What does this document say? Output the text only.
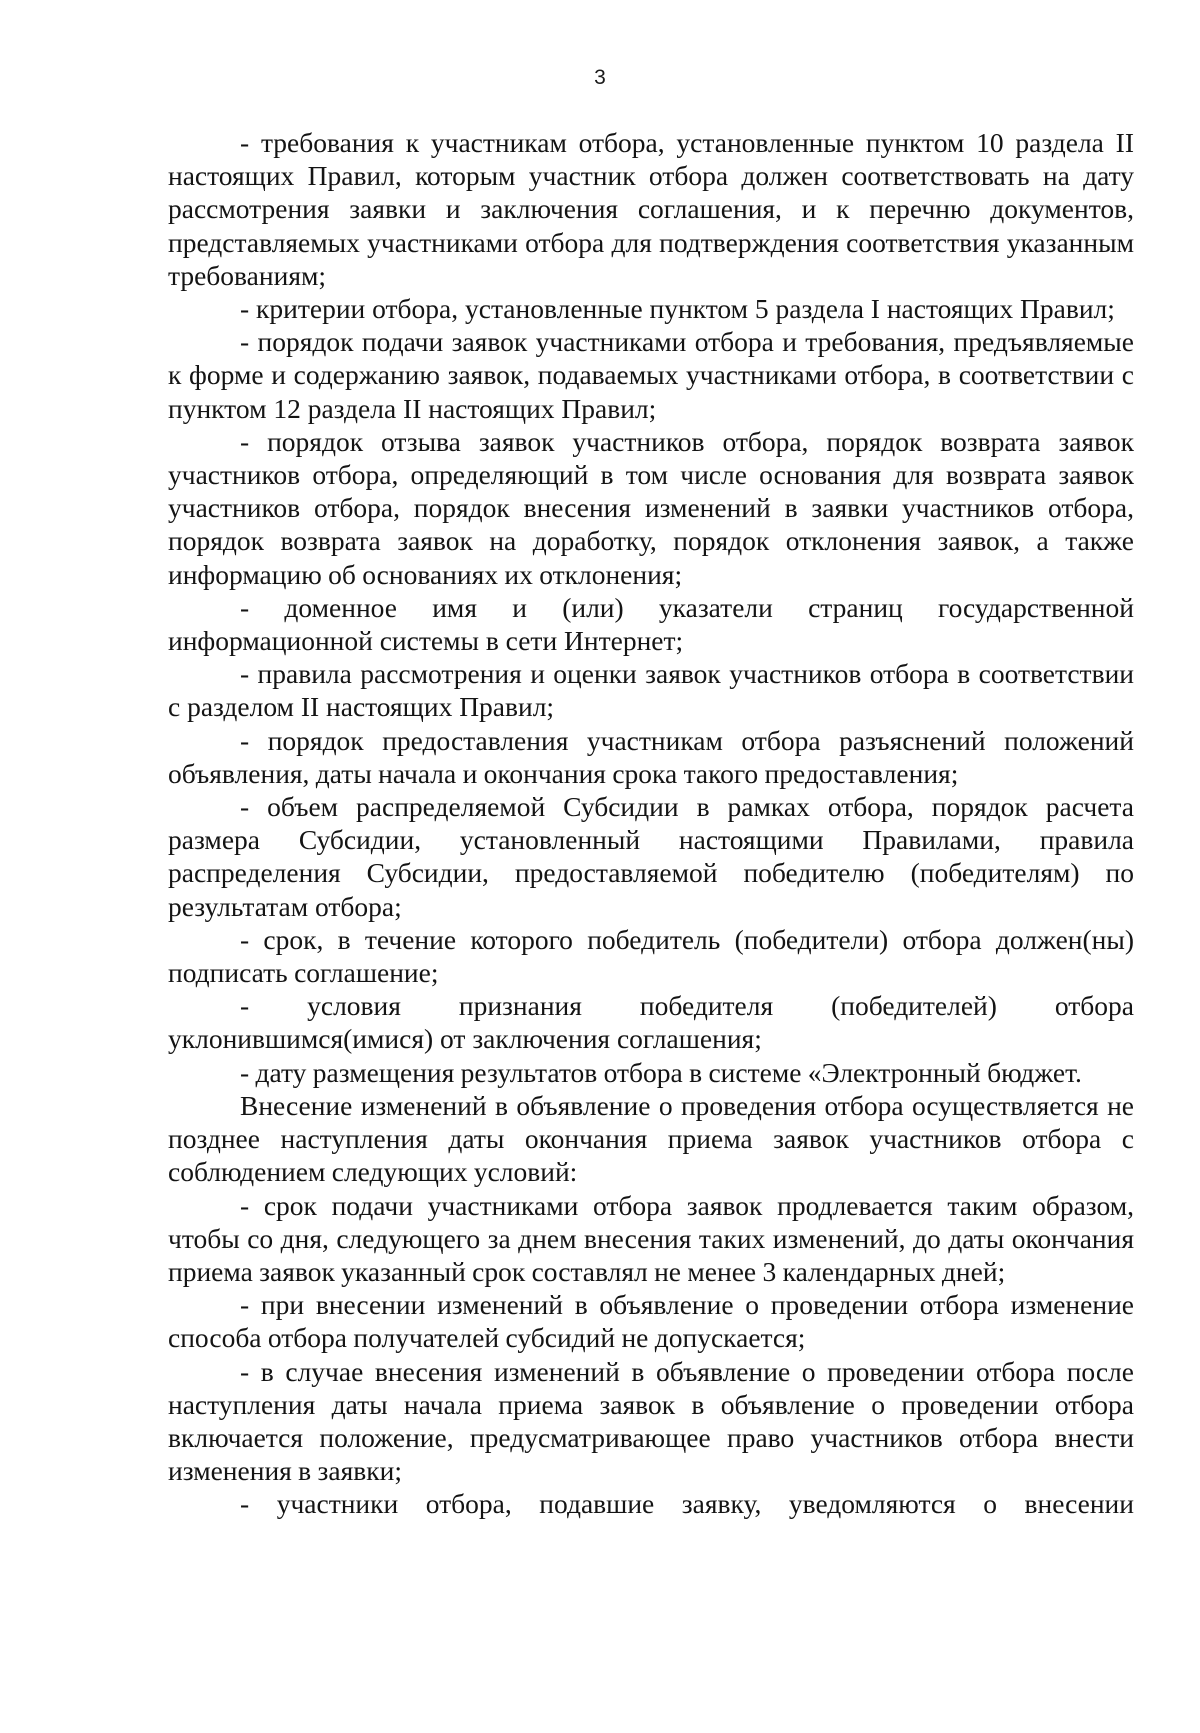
3

- требования к участникам отбора, установленные пунктом 10 раздела II настоящих Правил, которым участник отбора должен соответствовать на дату рассмотрения заявки и заключения соглашения, и к перечню документов, представляемых участниками отбора для подтверждения соответствия указанным требованиям;

- критерии отбора, установленные пунктом 5 раздела I настоящих Правил;

- порядок подачи заявок участниками отбора и требования, предъявляемые к форме и содержанию заявок, подаваемых участниками отбора, в соответствии с пунктом 12 раздела II настоящих Правил;

- порядок отзыва заявок участников отбора, порядок возврата заявок участников отбора, определяющий в том числе основания для возврата заявок участников отбора, порядок внесения изменений в заявки участников отбора, порядок возврата заявок на доработку, порядок отклонения заявок, а также информацию об основаниях их отклонения;

- доменное имя и (или) указатели страниц государственной информационной системы в сети Интернет;

- правила рассмотрения и оценки заявок участников отбора в соответствии с разделом II настоящих Правил;

- порядок предоставления участникам отбора разъяснений положений объявления, даты начала и окончания срока такого предоставления;

- объем распределяемой Субсидии в рамках отбора, порядок расчета размера Субсидии, установленный настоящими Правилами, правила распределения Субсидии, предоставляемой победителю (победителям) по результатам отбора;

- срок, в течение которого победитель (победители) отбора должен(ны) подписать соглашение;

- условия признания победителя (победителей) отбора уклонившимся(имися) от заключения соглашения;

- дату размещения результатов отбора в системе «Электронный бюджет.

Внесение изменений в объявление о проведения отбора осуществляется не позднее наступления даты окончания приема заявок участников отбора с соблюдением следующих условий:

- срок подачи участниками отбора заявок продлевается таким образом, чтобы со дня, следующего за днем внесения таких изменений, до даты окончания приема заявок указанный срок составлял не менее 3 календарных дней;

- при внесении изменений в объявление о проведении отбора изменение способа отбора получателей субсидий не допускается;

- в случае внесения изменений в объявление о проведении отбора после наступления даты начала приема заявок в объявление о проведении отбора включается положение, предусматривающее право участников отбора внести изменения в заявки;

- участники отбора, подавшие заявку, уведомляются о внесении
